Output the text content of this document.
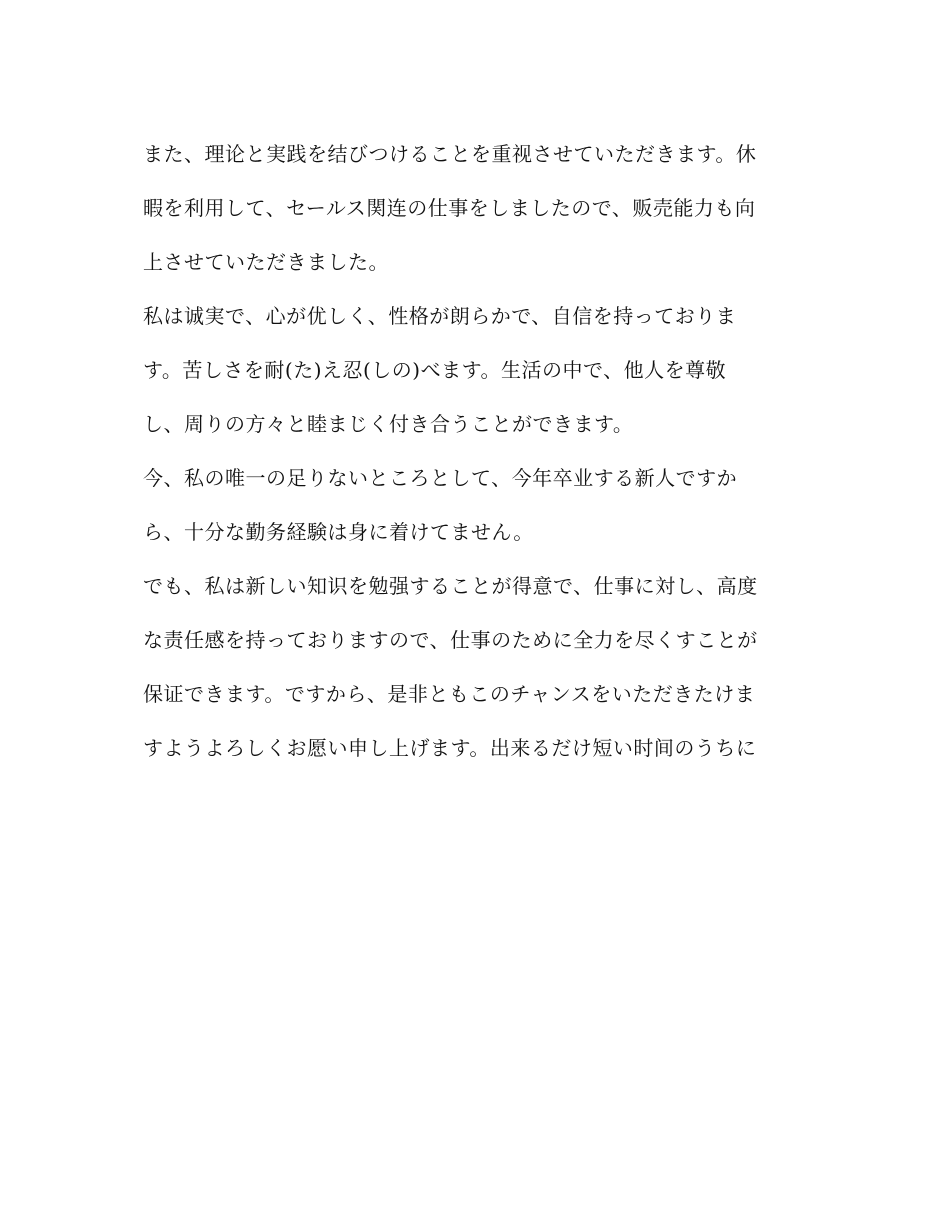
また、理论と実践を结びつけることを重视させていただきます。休
暇を利用して、セールス関连の仕事をしましたので、贩売能力も向
上させていただきました。
私は诚実で、心が优しく、性格が朗らかで、自信を持っておりま
す。苦しさを耐(た)え忍(しの)べます。生活の中で、他人を尊敬
し、周りの方々と睦まじく付き合うことができます。
今、私の唯一の足りないところとして、今年卒业する新人ですか
ら、十分な勤务経験は身に着けてません。
でも、私は新しい知识を勉强することが得意で、仕事に対し、高度
な责任感を持っておりますので、仕事のために全力を尽くすことが
保证できます。ですから、是非ともこのチャンスをいただきたけま
すようよろしくお愿い申し上げます。出来るだけ短い时间のうちに
